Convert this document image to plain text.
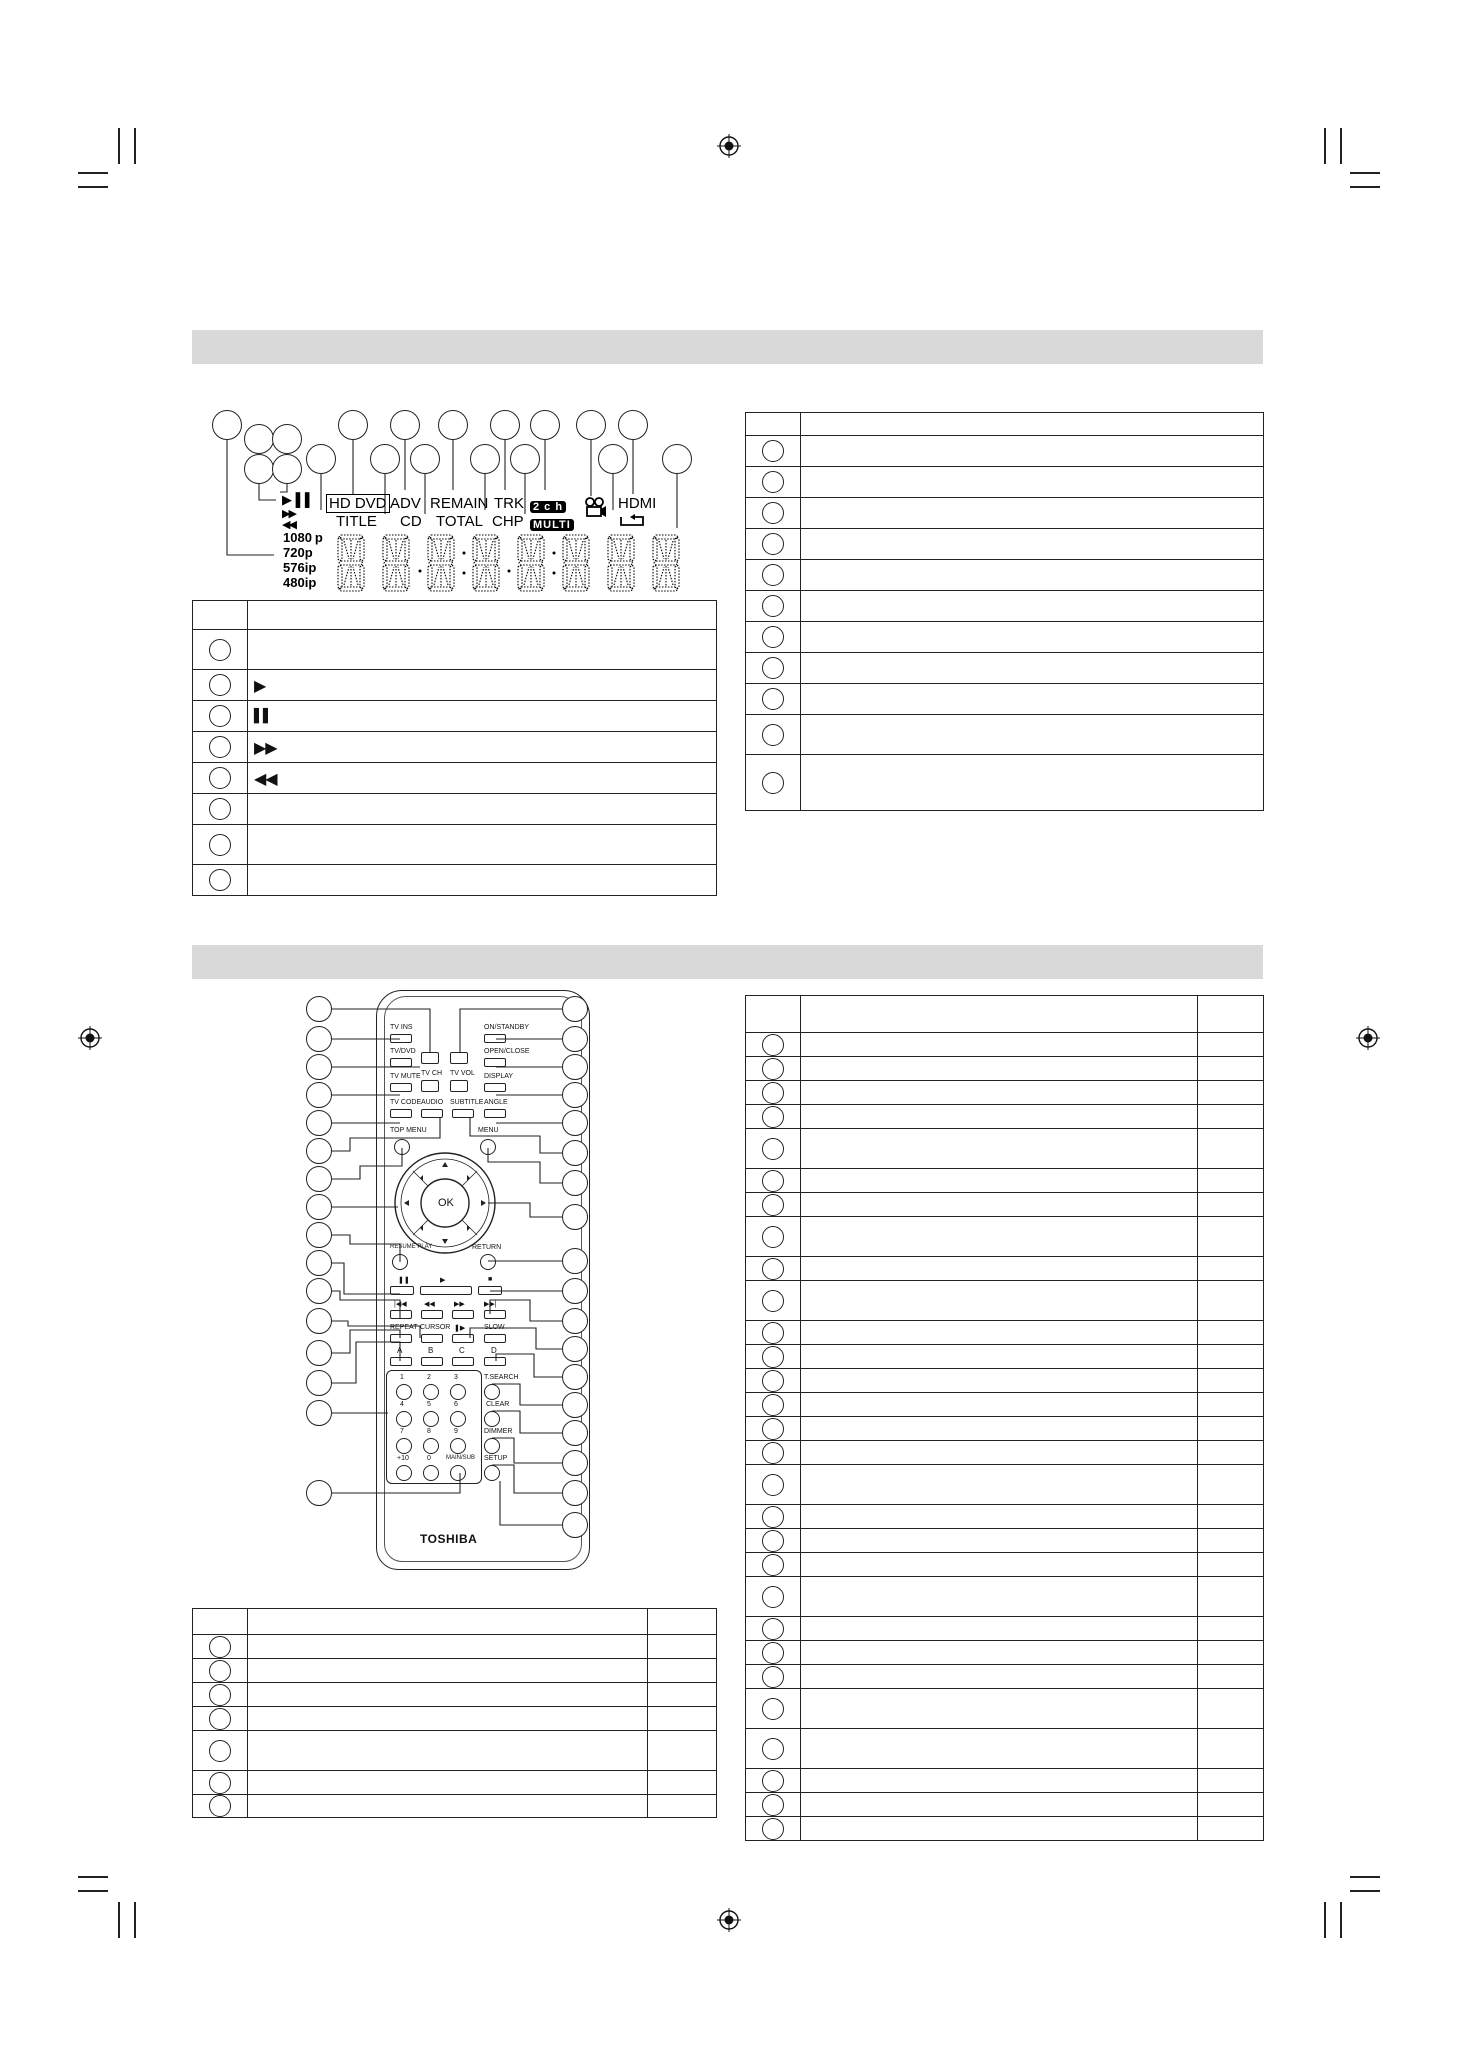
▶ ▌▌
▶▶
◀◀
1080 p
720p
576ip
480ip
HD DVD
TITLE
ADV
CD
REMAIN
TOTAL
TRK
CHP
2 c h
MULTI
HDMI

	▶

	▌▌

	▶▶

	◀◀

TV INS	ON/STANDBY
TV/DVD	OPEN/CLOSE
TV MUTE TV CH TV VOL DISPLAY
TV CODE AUDIO SUBTITLE ANGLE
TOP MENU	MENU
OK
RESUME PLAY	RETURN
❚❚	▶	■
|◀◀ ◀◀	▶▶	▶▶|
REPEAT CURSOR ❚▶	SLOW
A	B	C	D
1	2	3
4	5	6
7	8	9
+10	0	MAIN/SUB
T.SEARCH
CLEAR
DIMMER
SETUP
TOSHIBA
